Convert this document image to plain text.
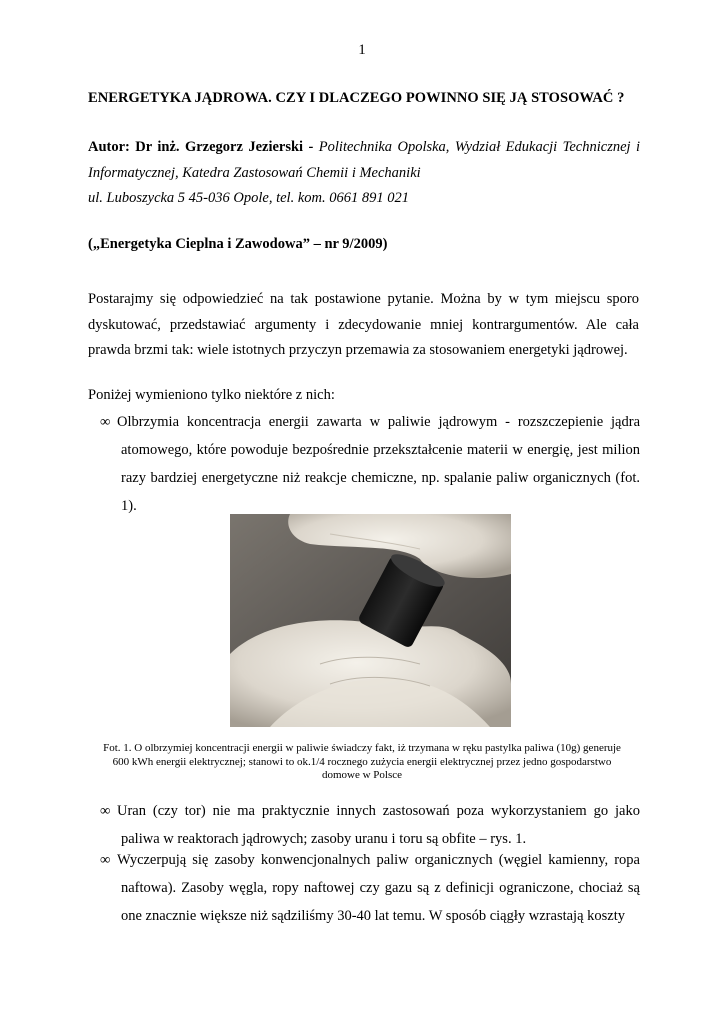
1
ENERGETYKA JĄDROWA. CZY I DLACZEGO POWINNO SIĘ JĄ STOSOWAĆ ?
Autor: Dr inż. Grzegorz Jezierski - Politechnika Opolska, Wydział Edukacji Technicznej i Informatycznej, Katedra Zastosowań Chemii i Mechaniki
ul. Luboszycka 5 45-036 Opole, tel. kom. 0661 891 021
(„Energetyka Cieplna i Zawodowa” – nr 9/2009)
Postarajmy się odpowiedzieć na tak postawione pytanie. Można by w tym miejscu sporo dyskutować, przedstawiać argumenty i zdecydowanie mniej kontrargumentów. Ale cała prawda brzmi tak: wiele istotnych przyczyn przemawia za stosowaniem energetyki jądrowej.
Poniżej wymieniono tylko niektóre z nich:
∞ Olbrzymia koncentracja energii zawarta w paliwie jądrowym - rozszczepienie jądra atomowego, które powoduje bezpośrednie przekształcenie materii w energię, jest milion razy bardziej energetyczne niż reakcje chemiczne, np. spalanie paliw organicznych (fot. 1).
Fot. 1. O olbrzymiej koncentracji energii w paliwie świadczy fakt, iż trzymana w ręku pastylka paliwa (10g) generuje 600 kWh energii elektrycznej; stanowi to ok.1/4 rocznego zużycia energii elektrycznej przez jedno gospodarstwo domowe w Polsce
∞ Uran (czy tor) nie ma praktycznie innych zastosowań poza wykorzystaniem go jako paliwa w reaktorach jądrowych; zasoby uranu i toru są obfite – rys. 1.
∞ Wyczerpują się zasoby konwencjonalnych paliw organicznych (węgiel kamienny, ropa naftowa). Zasoby węgla, ropy naftowej czy gazu są z definicji ograniczone, chociaż są one znacznie większe niż sądziliśmy 30-40 lat temu. W sposób ciągły wzrastają koszty
